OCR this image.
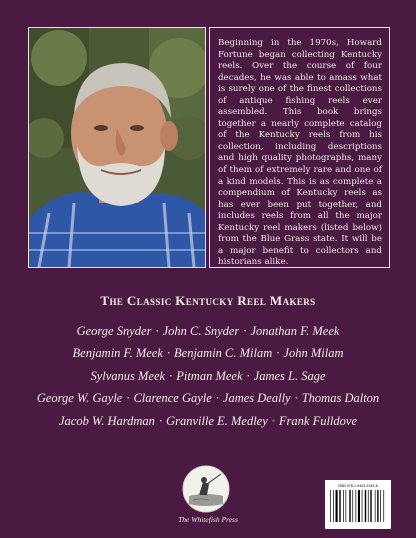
Beginning in the 1970s, Howard Fortune began collecting Kentucky reels. Over the course of four decades, he was able to amass what is surely one of the finest collections of antique fishing reels ever assembled. This book brings together a nearly complete catalog of the Kentucky reels from his collection, including descriptions and high quality photographs, many of them of extremely rare and one of a kind models. This is as complete a compendium of Kentucky reels as has ever been put together, and includes reels from all the major Kentucky reel makers (listed below) from the Blue Grass state. It will be a major benefit to collectors and historians alike.

The Classic Kentucky Reel Makers
George Snyder · John C. Snyder · Jonathan F. Meek
Benjamin F. Meek · Benjamin C. Milam · John Milam
Sylvanus Meek · Pitman Meek · James L. Sage
George W. Gayle · Clarence Gayle · James Deally · Thomas Dalton
Jacob W. Hardman · Granville E. Medley · Frank Fulldove

The Whitefish Press

ISBN 978-1-9403-5345-8
